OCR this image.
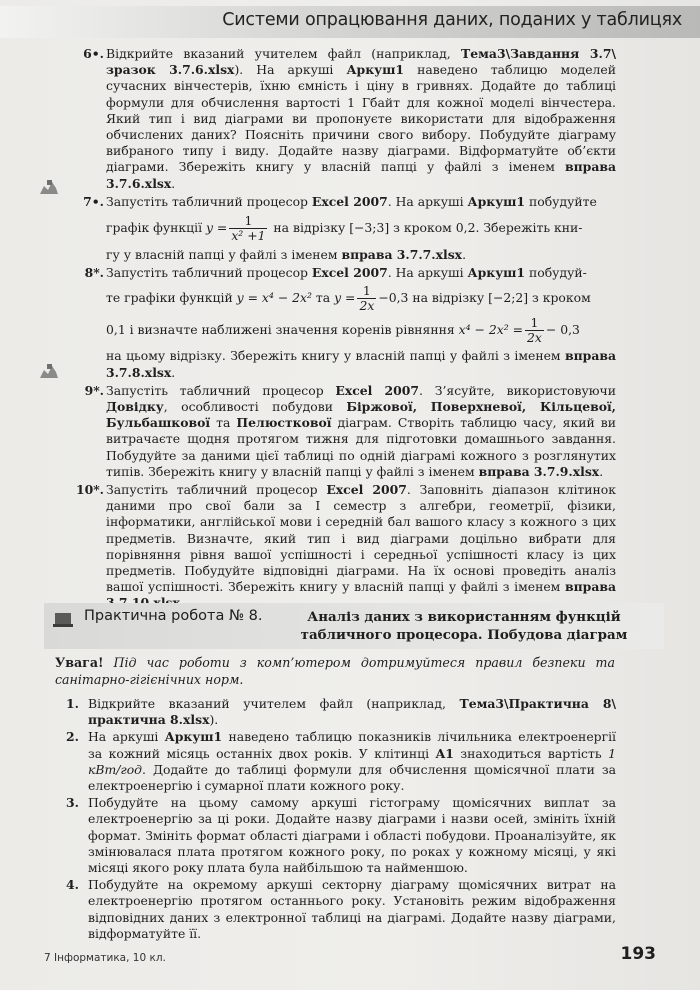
Системи опрацювання даних, поданих у таблицях
6•. Відкрийте вказаний учителем файл (наприклад, Тема3\Завдання 3.7\ зразок 3.7.6.xlsx). На аркуші Аркуш1 наведено таблицю моделей сучасних вінчестерів, їхню ємність і ціну в гривнях. Додайте до таблиці формули для обчислення вартості 1 Гбайт для кожної моделі вінчестера. Який тип і вид діаграми ви пропонуєте використати для відображення обчислених даних? Поясніть причини свого вибору. Побудуйте діаграму вибраного типу і виду. Додайте назву діаграми. Відформатуйте об’єкти діаграми. Збережіть книгу у власній папці у файлі з іменем вправа 3.7.6.xlsx.

7•. Запустіть табличний процесор Excel 2007. На аркуші Аркуш1 побудуйте
графік функції $y = \frac{1}{\text{x² +1}}$ на відрізку [−3;3] з кроком 0,2. Збережіть кни-
гу у власній папці у файлі з іменем вправа 3.7.7.xlsx.

8*. Запустіть табличний процесор Excel 2007. На аркуші Аркуш1 побудуй-
те графіки функцій y = x⁴ − 2x² та $y = \frac{1}{2x} -0,3$ на відрізку [−2;2] з кроком
0,1 і визначте наближені значення коренів рівняння $x^4 - 2x^2 = \frac{1}{2x} - 0,3$
на цьому відрізку. Збережіть книгу у власній папці у файлі з іменем вправа 3.7.8.xlsx.

9*. Запустіть табличний процесор Excel 2007. З’ясуйте, використовуючи Довідку, особливості побудови Біржової, Поверхневої, Кільцевої, Бульбашкової та Пелюсткової діаграм. Створіть таблицю часу, який ви витрачаєте щодня протягом тижня для підготовки домашнього завдання. Побудуйте за даними цієї таблиці по одній діаграмі кожного з розглянутих типів. Збережіть книгу у власній папці у файлі з іменем вправа 3.7.9.xlsx.

10*. Запустіть табличний процесор Excel 2007. Заповніть діапазон клітинок даними про свої бали за I семестр з алгебри, геометрії, фізики, інформатики, англійської мови і середній бал вашого класу з кожного з цих предметів. Визначте, який тип і вид діаграми доцільно вибрати для порівняння рівня вашої успішності і середньої успішності класу із цих предметів. Побудуйте відповідні діаграми. На їх основі проведіть аналіз вашої успішності. Збережіть книгу у власній папці у файлі з іменем вправа

Практична робота № 8.	Аналіз даних з використанням функцій табличного процесора. Побудова діаграм
Увага! Під час роботи з комп’ютером дотримуйтеся правил безпеки та санітарно-гігієнічних норм.
1. Відкрийте вказаний учителем файл (наприклад, Тема3\Практична 8\ практична 8.xlsx).

2. На аркуші Аркуш1 наведено таблицю показників лічильника електроенергії за кожний місяць останніх двох років. У клітинці A1 знаходиться вартість 1 кВт/год. Додайте до таблиці формули для обчислення щомісячної плати за електроенергію і сумарної плати кожного року.

3. Побудуйте на цьому самому аркуші гістограму щомісячних виплат за електроенергію за ці роки. Додайте назву діаграми і назви осей, змініть їхній формат. Змініть формат області діаграми і області побудови. Проаналізуйте, як змінювалася плата протягом кожного року, по роках у кожному місяці, у які місяці якого року плата була найбільшою та найменшою.

4. Побудуйте на окремому аркуші секторну діаграму щомісячних витрат на електроенергію протягом останнього року. Установіть режим відображення відповідних даних з електронної таблиці на діаграмі. Додайте назву діаграми, відформатуйте її.

7 Інформатика, 10 кл.	193
